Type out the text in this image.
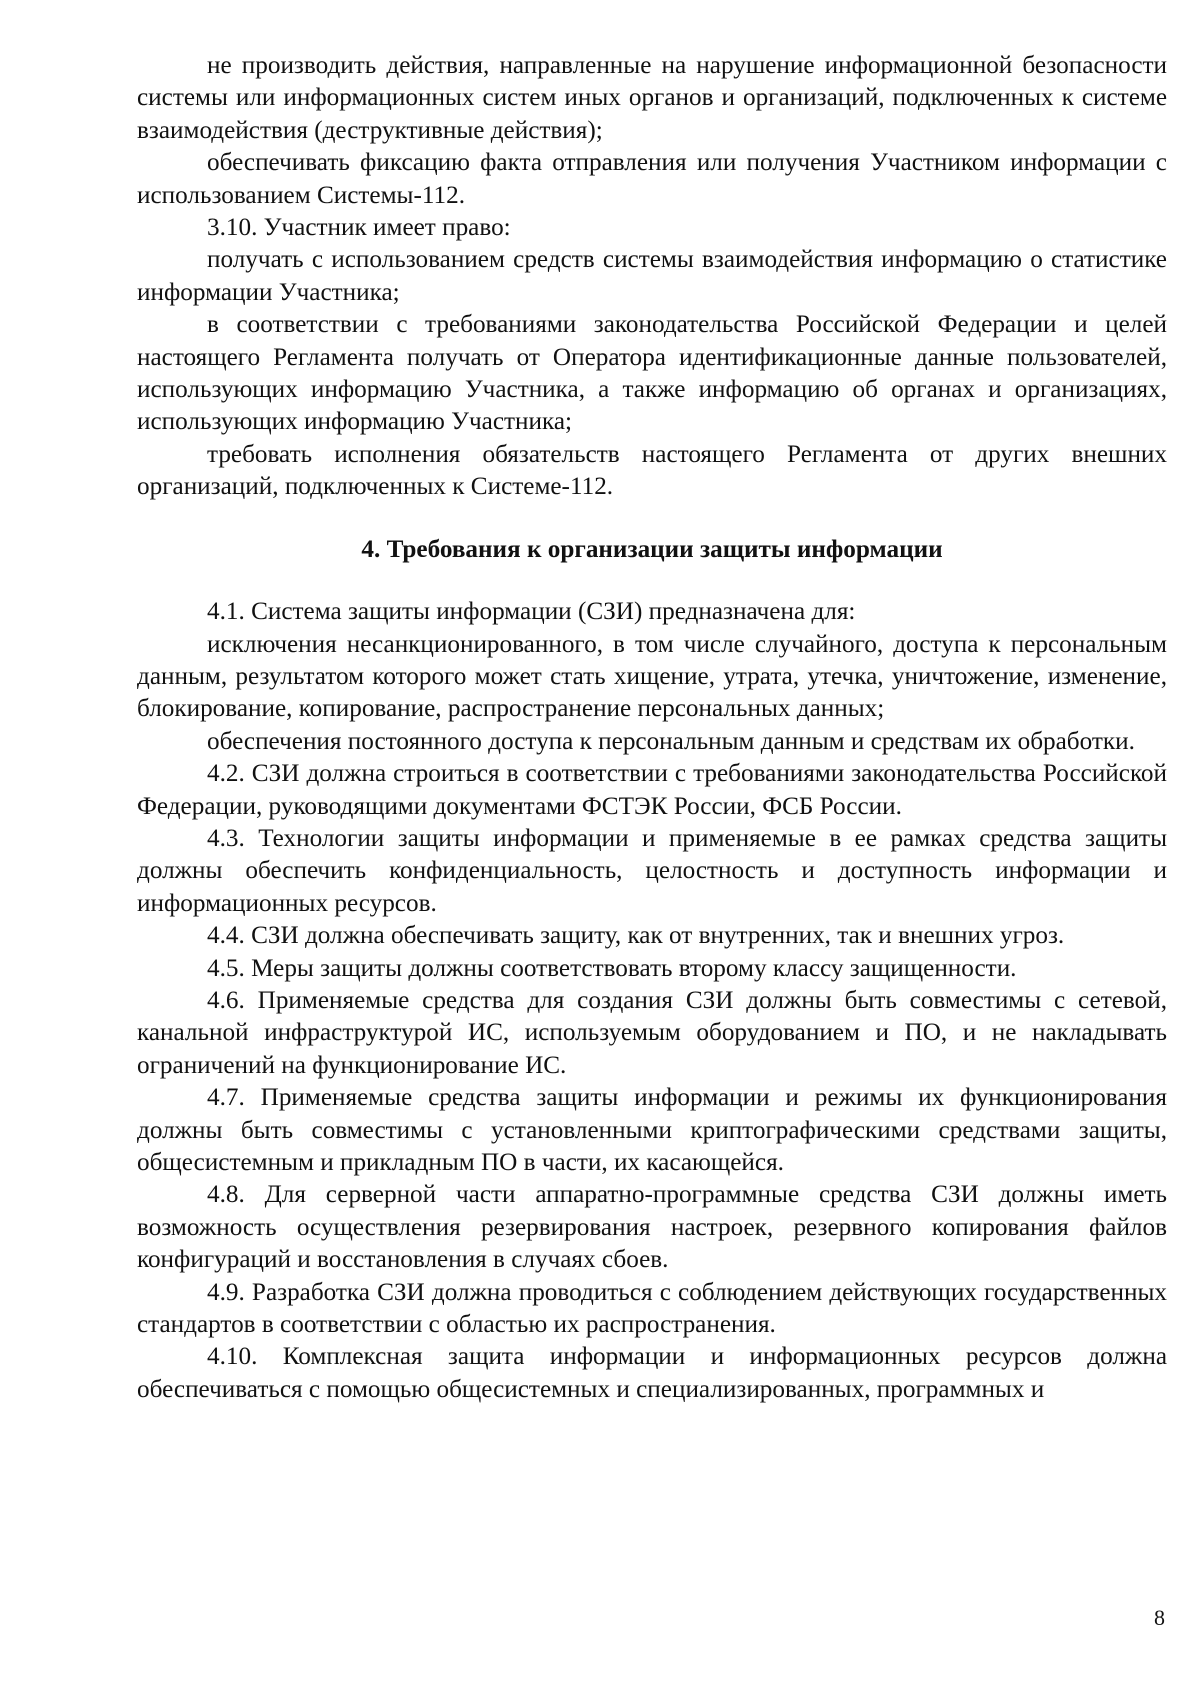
не производить действия, направленные на нарушение информационной безопасности системы или информационных систем иных органов и организаций, подключенных к системе взаимодействия (деструктивные действия);

обеспечивать фиксацию факта отправления или получения Участником информации с использованием Системы-112.

3.10. Участник имеет право:

получать с использованием средств системы взаимодействия информацию о статистике информации Участника;

в соответствии с требованиями законодательства Российской Федерации и целей настоящего Регламента получать от Оператора идентификационные данные пользователей, использующих информацию Участника, а также информацию об органах и организациях, использующих информацию Участника;

требовать исполнения обязательств настоящего Регламента от других внешних организаций, подключенных к Системе-112.

4. Требования к организации защиты информации

4.1. Система защиты информации (СЗИ) предназначена для:

исключения несанкционированного, в том числе случайного, доступа к персональным данным, результатом которого может стать хищение, утрата, утечка, уничтожение, изменение, блокирование, копирование, распространение персональных данных;

обеспечения постоянного доступа к персональным данным и средствам их обработки.

4.2. СЗИ должна строиться в соответствии с требованиями законодательства Российской Федерации, руководящими документами ФСТЭК России, ФСБ России.

4.3. Технологии защиты информации и применяемые в ее рамках средства защиты должны обеспечить конфиденциальность, целостность и доступность информации и информационных ресурсов.

4.4. СЗИ должна обеспечивать защиту, как от внутренних, так и внешних угроз.

4.5. Меры защиты должны соответствовать второму классу защищенности.

4.6. Применяемые средства для создания СЗИ должны быть совместимы с сетевой, канальной инфраструктурой ИС, используемым оборудованием и ПО, и не накладывать ограничений на функционирование ИС.

4.7. Применяемые средства защиты информации и режимы их функционирования должны быть совместимы с установленными криптографическими средствами защиты, общесистемным и прикладным ПО в части, их касающейся.

4.8. Для серверной части аппаратно-программные средства СЗИ должны иметь возможность осуществления резервирования настроек, резервного копирования файлов конфигураций и восстановления в случаях сбоев.

4.9. Разработка СЗИ должна проводиться с соблюдением действующих государственных стандартов в соответствии с областью их распространения.

4.10. Комплексная защита информации и информационных ресурсов должна обеспечиваться с помощью общесистемных и специализированных, программных и

8
